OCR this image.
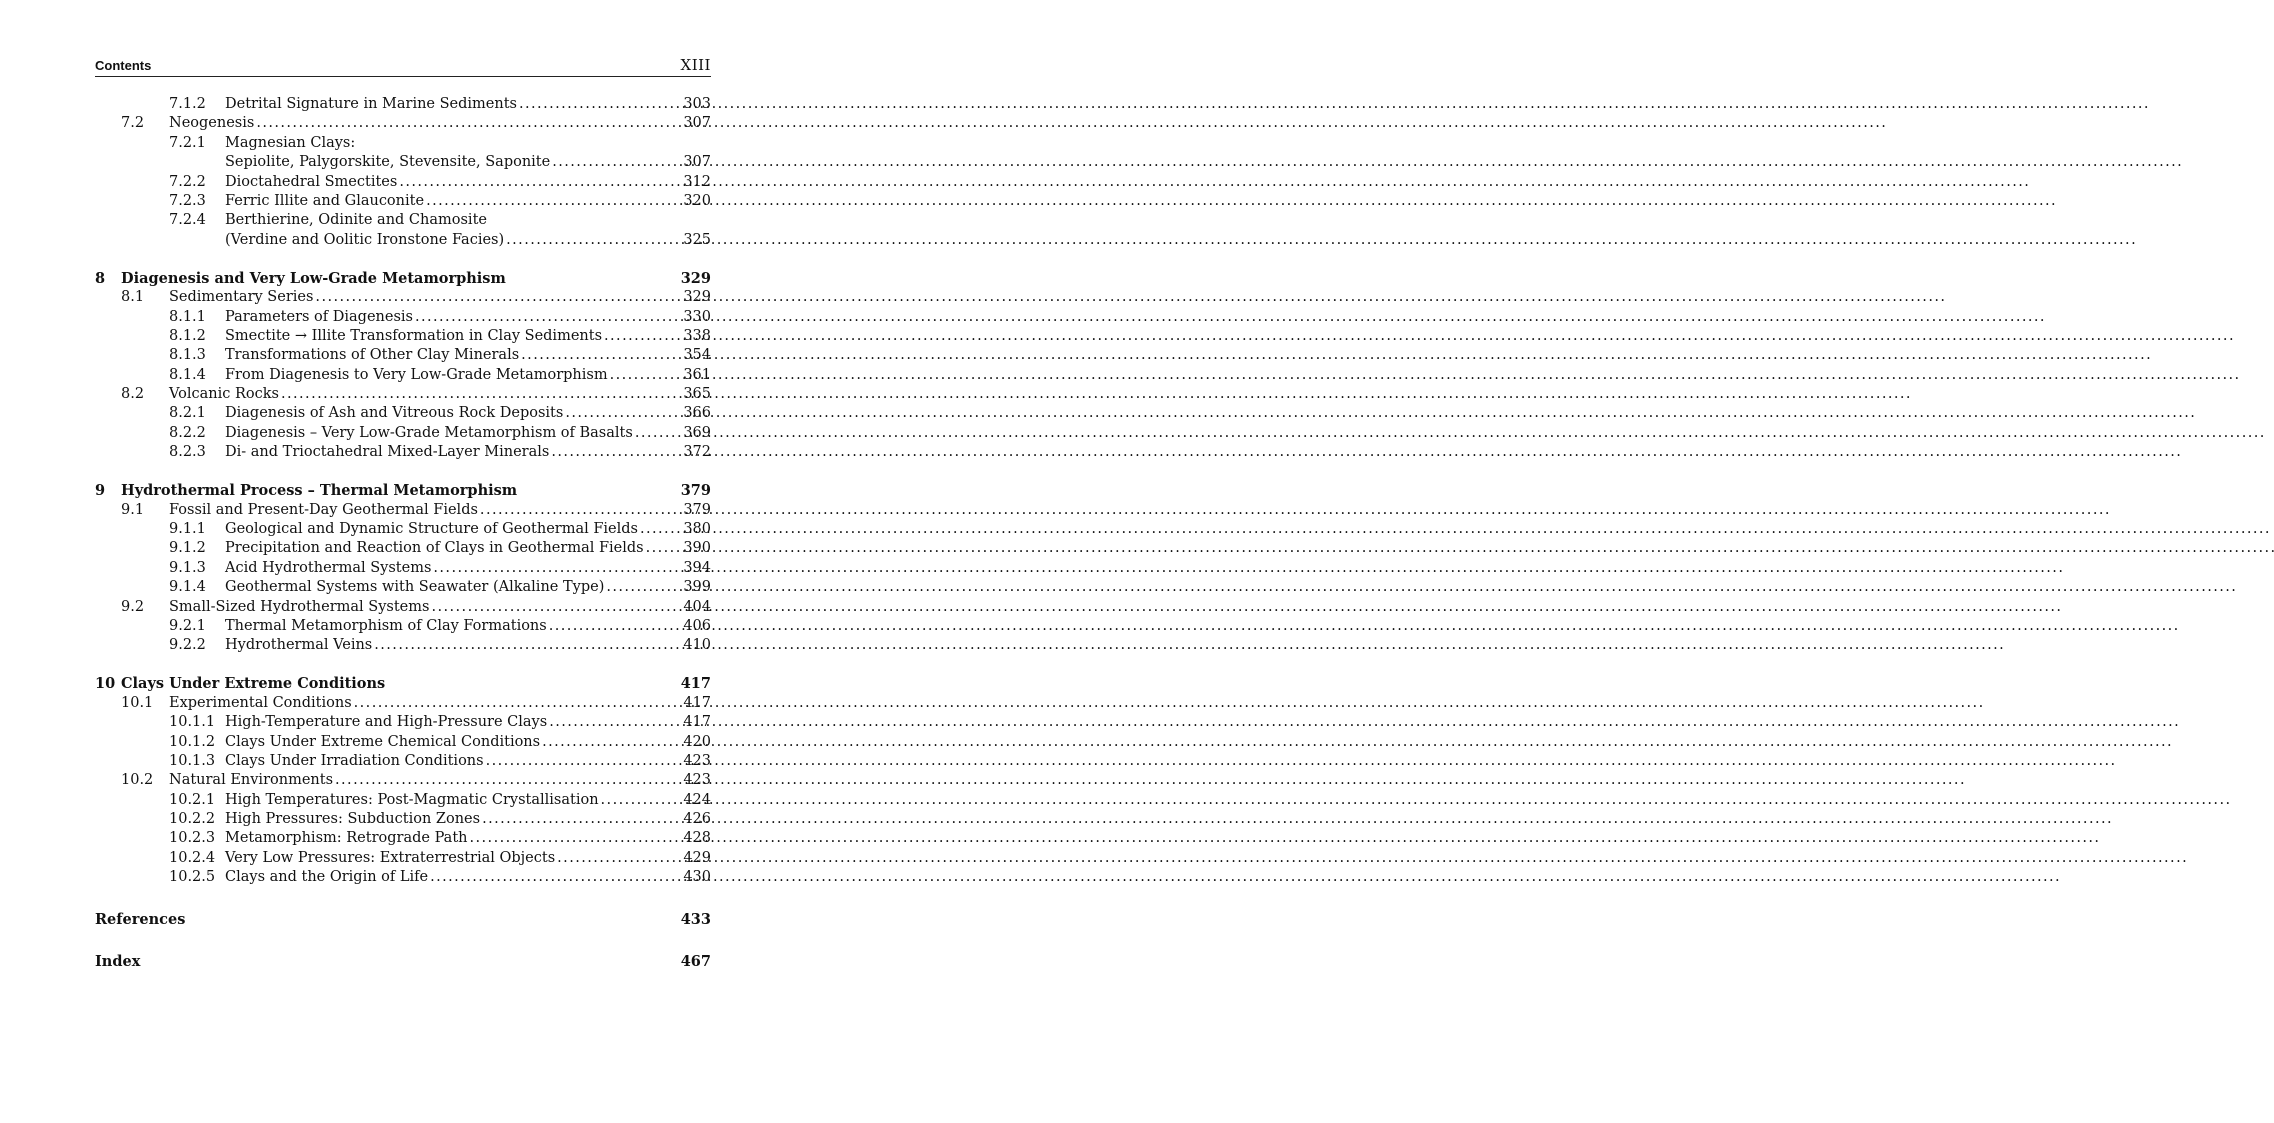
Contents	XIII
7.1.2	Detrital Signature in Marine Sediments . . .	303
7.2	Neogenesis . . .	307
7.2.1	Magnesian Clays:
Sepiolite, Palygorskite, Stevensite, Saponite . . .	307
7.2.2	Dioctahedral Smectites . . .	312
7.2.3	Ferric Illite and Glauconite . . .	320
7.2.4	Berthierine, Odinite and Chamosite
(Verdine and Oolitic Ironstone Facies) . . .	325
8	Diagenesis and Very Low-Grade Metamorphism	329
8.1	Sedimentary Series . . .	329
8.1.1	Parameters of Diagenesis . . .	330
8.1.2	Smectite → Illite Transformation in Clay Sediments . . .	338
8.1.3	Transformations of Other Clay Minerals . . .	354
8.1.4	From Diagenesis to Very Low-Grade Metamorphism . . .	361
8.2	Volcanic Rocks . . .	365
8.2.1	Diagenesis of Ash and Vitreous Rock Deposits . . .	366
8.2.2	Diagenesis – Very Low-Grade Metamorphism of Basalts . . .	369
8.2.3	Di- and Trioctahedral Mixed-Layer Minerals . . .	372
9	Hydrothermal Process – Thermal Metamorphism	379
9.1	Fossil and Present-Day Geothermal Fields . . .	379
9.1.1	Geological and Dynamic Structure of Geothermal Fields . . .	380
9.1.2	Precipitation and Reaction of Clays in Geothermal Fields . . .	390
9.1.3	Acid Hydrothermal Systems . . .	394
9.1.4	Geothermal Systems with Seawater (Alkaline Type) . . .	399
9.2	Small-Sized Hydrothermal Systems . . .	404
9.2.1	Thermal Metamorphism of Clay Formations . . .	406
9.2.2	Hydrothermal Veins . . .	410
10 Clays Under Extreme Conditions	417
10.1	Experimental Conditions . . .	417
10.1.1 High-Temperature and High-Pressure Clays . . .	417
10.1.2 Clays Under Extreme Chemical Conditions . . .	420
10.1.3 Clays Under Irradiation Conditions . . .	423
10.2	Natural Environments . . .	423
10.2.1 High Temperatures: Post-Magmatic Crystallisation . . .	424
10.2.2 High Pressures: Subduction Zones . . .	426
10.2.3 Metamorphism: Retrograde Path . . .	428
10.2.4 Very Low Pressures: Extraterrestrial Objects . . .	429
10.2.5 Clays and the Origin of Life . . .	430
References	433
Index	467
